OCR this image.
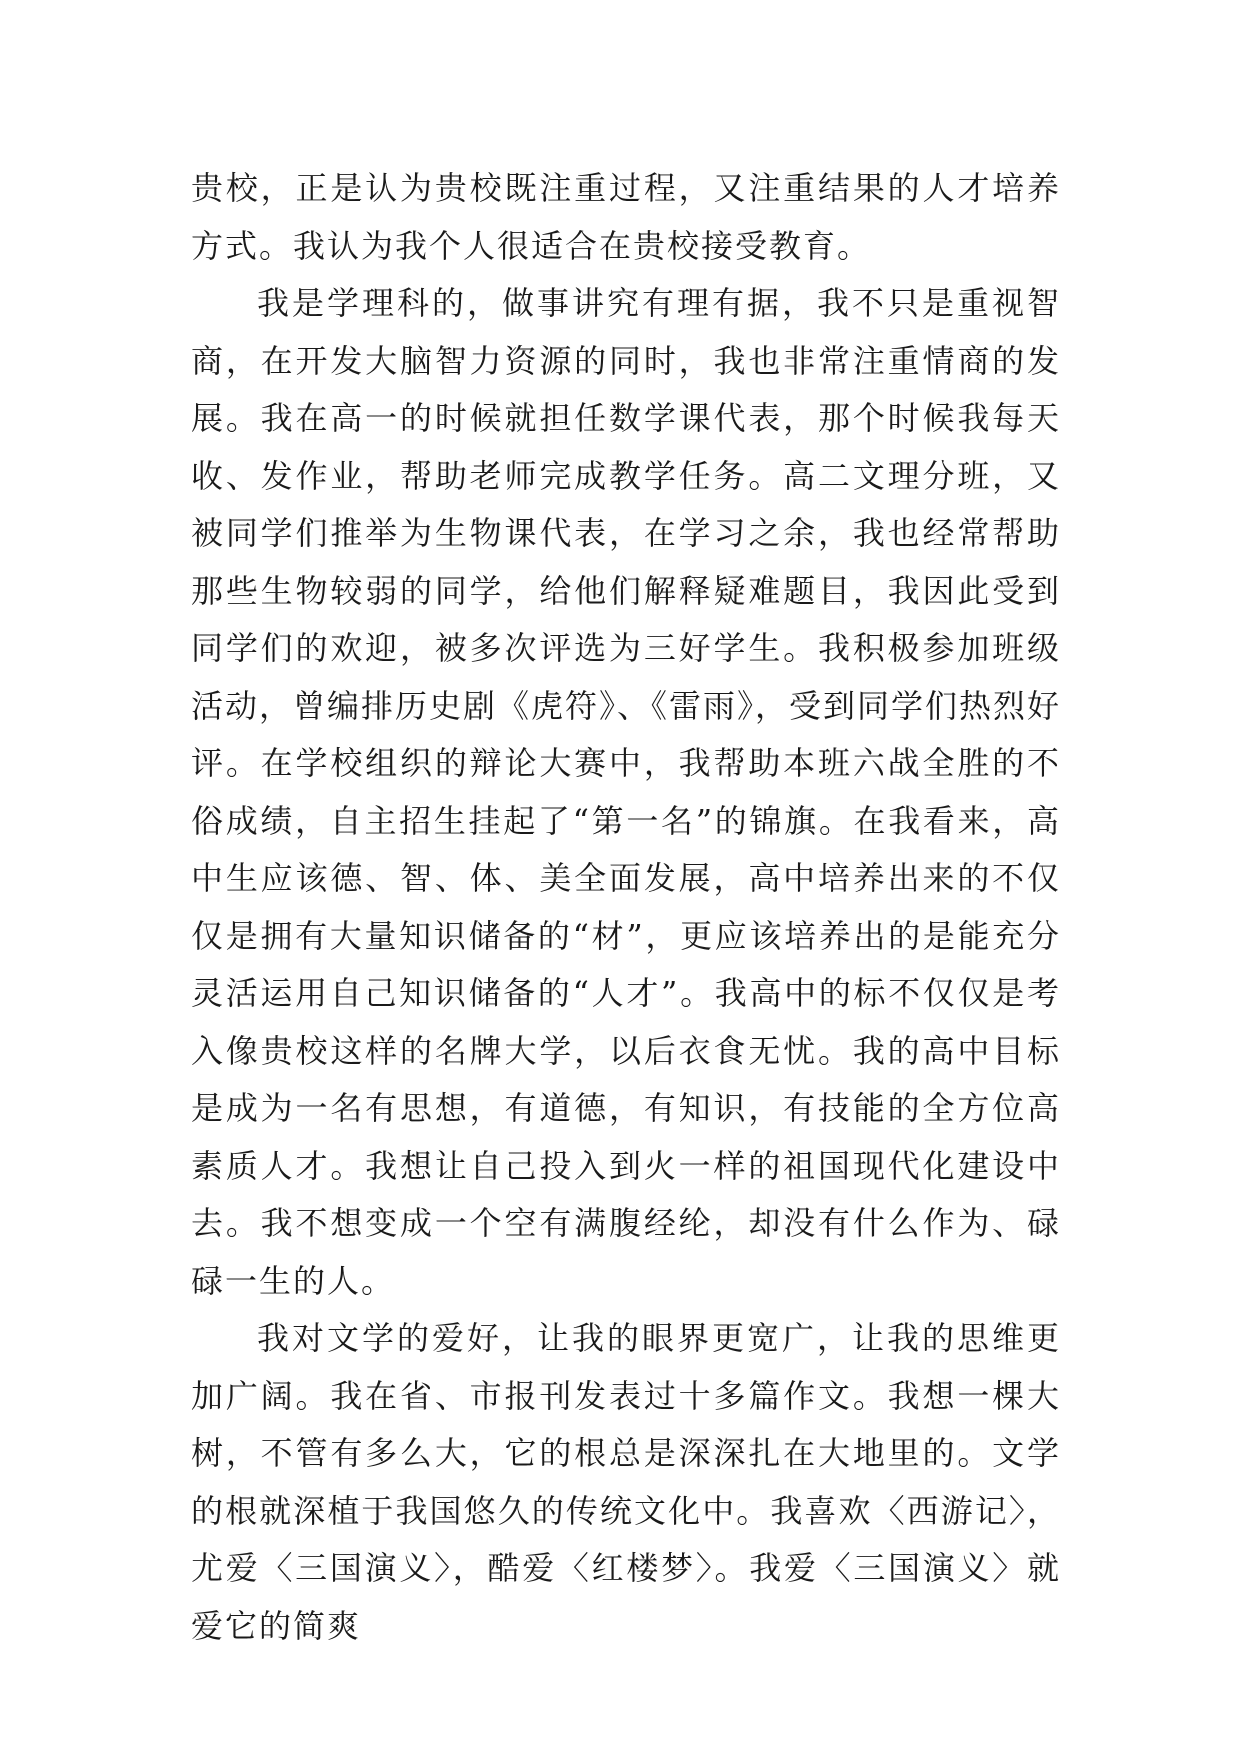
贵校，正是认为贵校既注重过程，又注重结果的人才培养方式。我认为我个人很适合在贵校接受教育。

我是学理科的，做事讲究有理有据，我不只是重视智商，在开发大脑智力资源的同时，我也非常注重情商的发展。我在高一的时候就担任数学课代表，那个时候我每天收、发作业，帮助老师完成教学任务。高二文理分班，又被同学们推举为生物课代表，在学习之余，我也经常帮助那些生物较弱的同学，给他们解释疑难题目，我因此受到同学们的欢迎，被多次评选为三好学生。我积极参加班级活动，曾编排历史剧《虎符》、《雷雨》，受到同学们热烈好评。在学校组织的辩论大赛中，我帮助本班六战全胜的不俗成绩，自主招生挂起了“第一名”的锦旗。在我看来，高中生应该德、智、体、美全面发展，高中培养出来的不仅仅是拥有大量知识储备的“材”，更应该培养出的是能充分灵活运用自己知识储备的“人才”。我高中的标不仅仅是考入像贵校这样的名牌大学，以后衣食无忧。我的高中目标是成为一名有思想，有道德，有知识，有技能的全方位高素质人才。我想让自己投入到火一样的祖国现代化建设中去。我不想变成一个空有满腹经纶，却没有什么作为、碌碌一生的人。

我对文学的爱好，让我的眼界更宽广，让我的思维更加广阔。我在省、市报刊发表过十多篇作文。我想一棵大树，不管有多么大，它的根总是深深扎在大地里的。文学的根就深植于我国悠久的传统文化中。我喜欢〈西游记〉，尤爱〈三国演义〉，酷爱〈红楼梦〉。我爱〈三国演义〉就爱它的简爽
